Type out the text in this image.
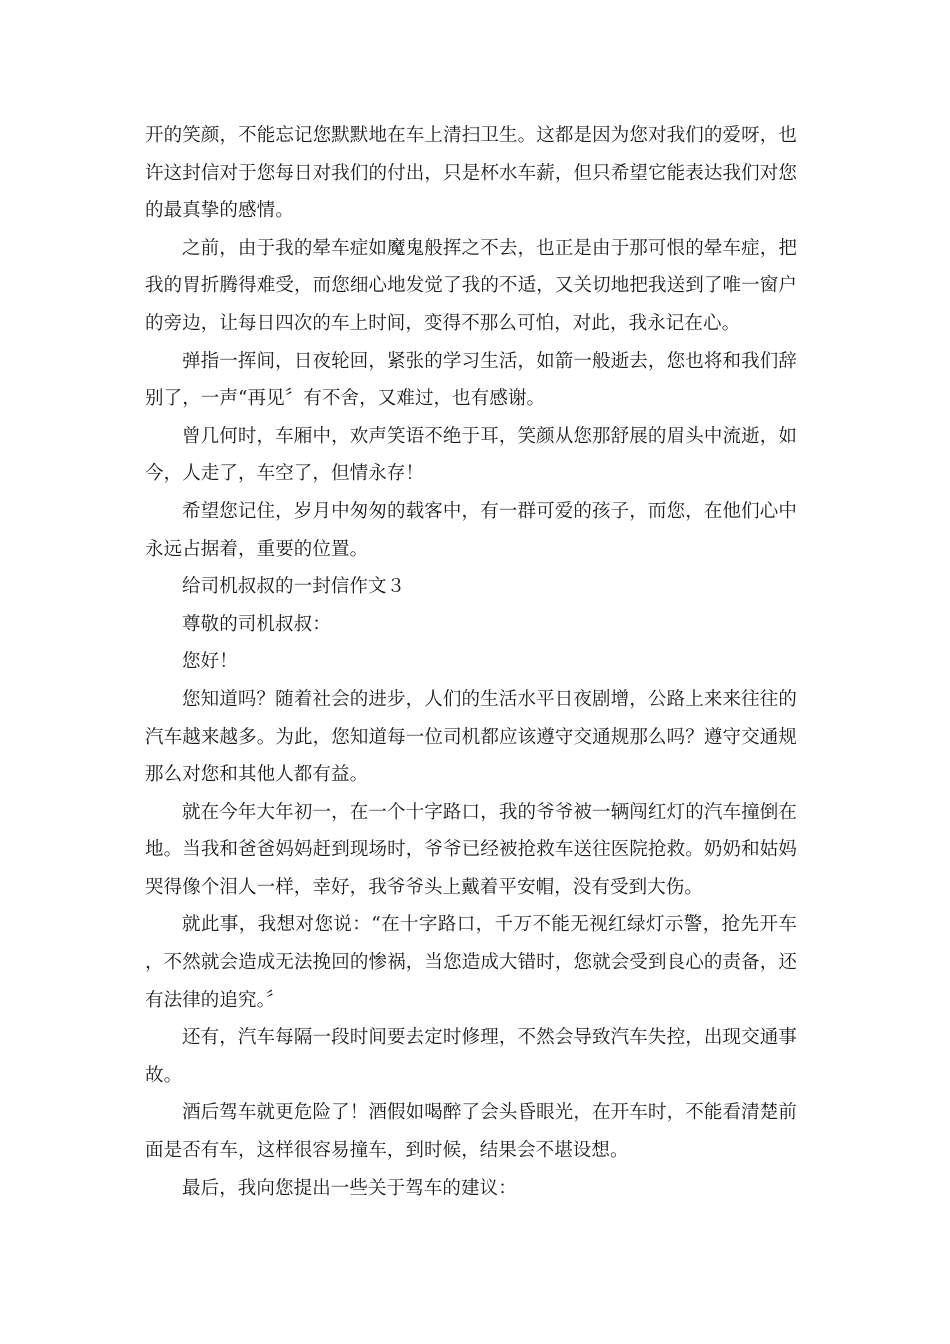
开的笑颜，不能忘记您默默地在车上清扫卫生。这都是因为您对我们的爱呀，也许这封信对于您每日对我们的付出，只是杯水车薪，但只希望它能表达我们对您的最真挚的感情。

之前，由于我的晕车症如魔鬼般挥之不去，也正是由于那可恨的晕车症，把我的胃折腾得难受，而您细心地发觉了我的不适，又关切地把我送到了唯一窗户的旁边，让每日四次的车上时间，变得不那么可怕，对此，我永记在心。

弹指一挥间，日夜轮回，紧张的学习生活，如箭一般逝去，您也将和我们辞别了，一声“再见〞有不舍，又难过，也有感谢。

曾几何时，车厢中，欢声笑语不绝于耳，笑颜从您那舒展的眉头中流逝，如今，人走了，车空了，但情永存！

希望您记住，岁月中匆匆的载客中，有一群可爱的孩子，而您，在他们心中永远占据着，重要的位置。

给司机叔叔的一封信作文３

尊敬的司机叔叔：

您好！

您知道吗？随着社会的进步，人们的生活水平日夜剧增，公路上来来往往的汽车越来越多。为此，您知道每一位司机都应该遵守交通规那么吗？遵守交通规那么对您和其他人都有益。

就在今年大年初一，在一个十字路口，我的爷爷被一辆闯红灯的汽车撞倒在地。当我和爸爸妈妈赶到现场时，爷爷已经被抢救车送往医院抢救。奶奶和姑妈哭得像个泪人一样，幸好，我爷爷头上戴着平安帽，没有受到大伤。

就此事，我想对您说：“在十字路口，千万不能无视红绿灯示警，抢先开车，不然就会造成无法挽回的惨祸，当您造成大错时，您就会受到良心的责备，还有法律的追究。〞

还有，汽车每隔一段时间要去定时修理，不然会导致汽车失控，出现交通事故。

酒后驾车就更危险了！酒假如喝醉了会头昏眼光，在开车时，不能看清楚前面是否有车，这样很容易撞车，到时候，结果会不堪设想。

最后，我向您提出一些关于驾车的建议：
